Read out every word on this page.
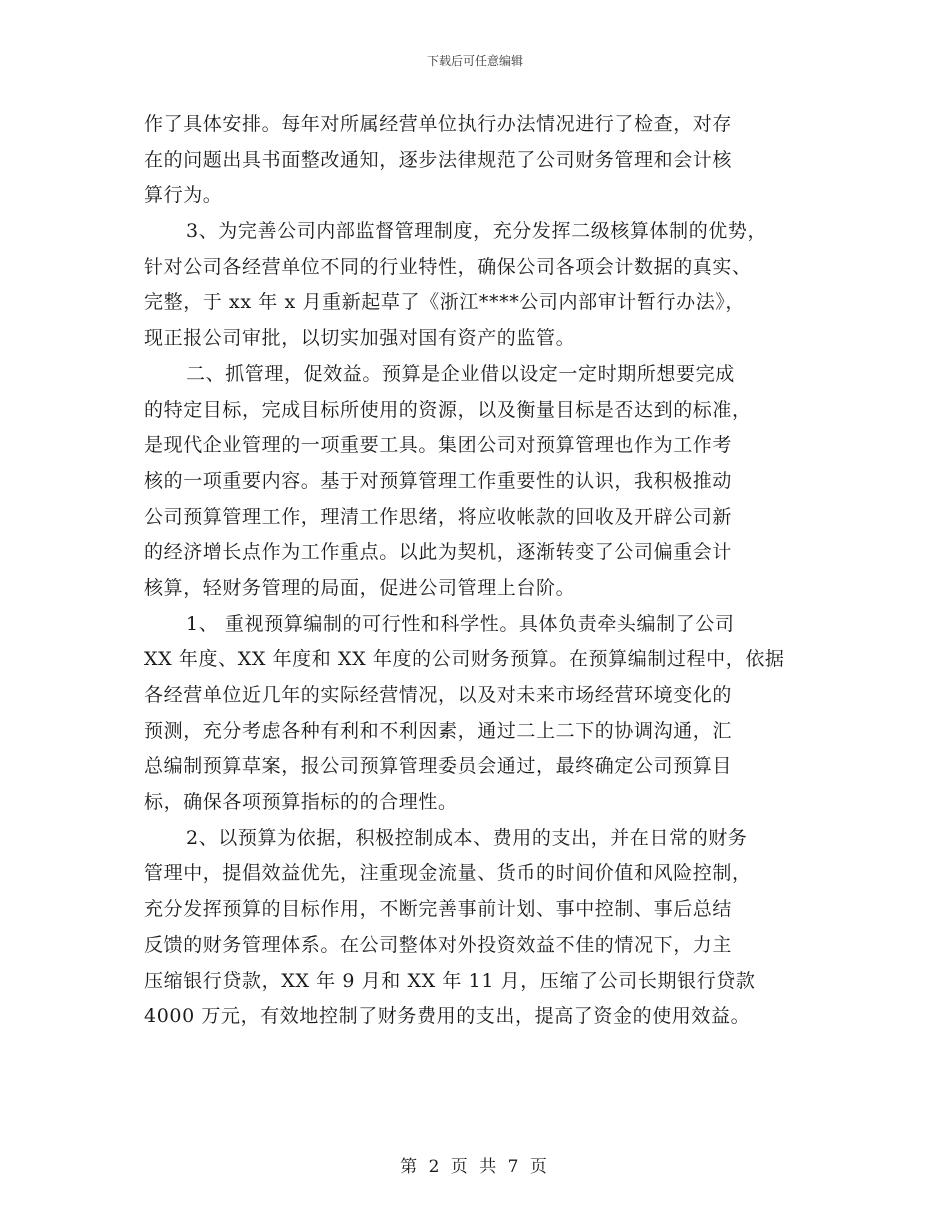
下载后可任意编辑
作了具体安排。每年对所属经营单位执行办法情况进行了检查，对存
在的问题出具书面整改通知，逐步法律规范了公司财务管理和会计核
算行为。
3、为完善公司内部监督管理制度，充分发挥二级核算体制的优势，
针对公司各经营单位不同的行业特性，确保公司各项会计数据的真实、
完整，于 xx 年 x 月重新起草了《浙江****公司内部审计暂行办法》，
现正报公司审批，以切实加强对国有资产的监管。
二、抓管理，促效益。预算是企业借以设定一定时期所想要完成
的特定目标，完成目标所使用的资源，以及衡量目标是否达到的标准，
是现代企业管理的一项重要工具。集团公司对预算管理也作为工作考
核的一项重要内容。基于对预算管理工作重要性的认识，我积极推动
公司预算管理工作，理清工作思绪，将应收帐款的回收及开辟公司新
的经济增长点作为工作重点。以此为契机，逐渐转变了公司偏重会计
核算，轻财务管理的局面，促进公司管理上台阶。
1、 重视预算编制的可行性和科学性。具体负责牵头编制了公司
XX 年度、XX 年度和 XX 年度的公司财务预算。在预算编制过程中，依据
各经营单位近几年的实际经营情况，以及对未来市场经营环境变化的
预测，充分考虑各种有利和不利因素，通过二上二下的协调沟通，汇
总编制预算草案，报公司预算管理委员会通过，最终确定公司预算目
标，确保各项预算指标的的合理性。
2、以预算为依据，积极控制成本、费用的支出，并在日常的财务
管理中，提倡效益优先，注重现金流量、货币的时间价值和风险控制，
充分发挥预算的目标作用，不断完善事前计划、事中控制、事后总结
反馈的财务管理体系。在公司整体对外投资效益不佳的情况下，力主
压缩银行贷款，XX 年 9 月和 XX 年 11 月，压缩了公司长期银行贷款
4000 万元，有效地控制了财务费用的支出，提高了资金的使用效益。
第 2 页 共 7 页
